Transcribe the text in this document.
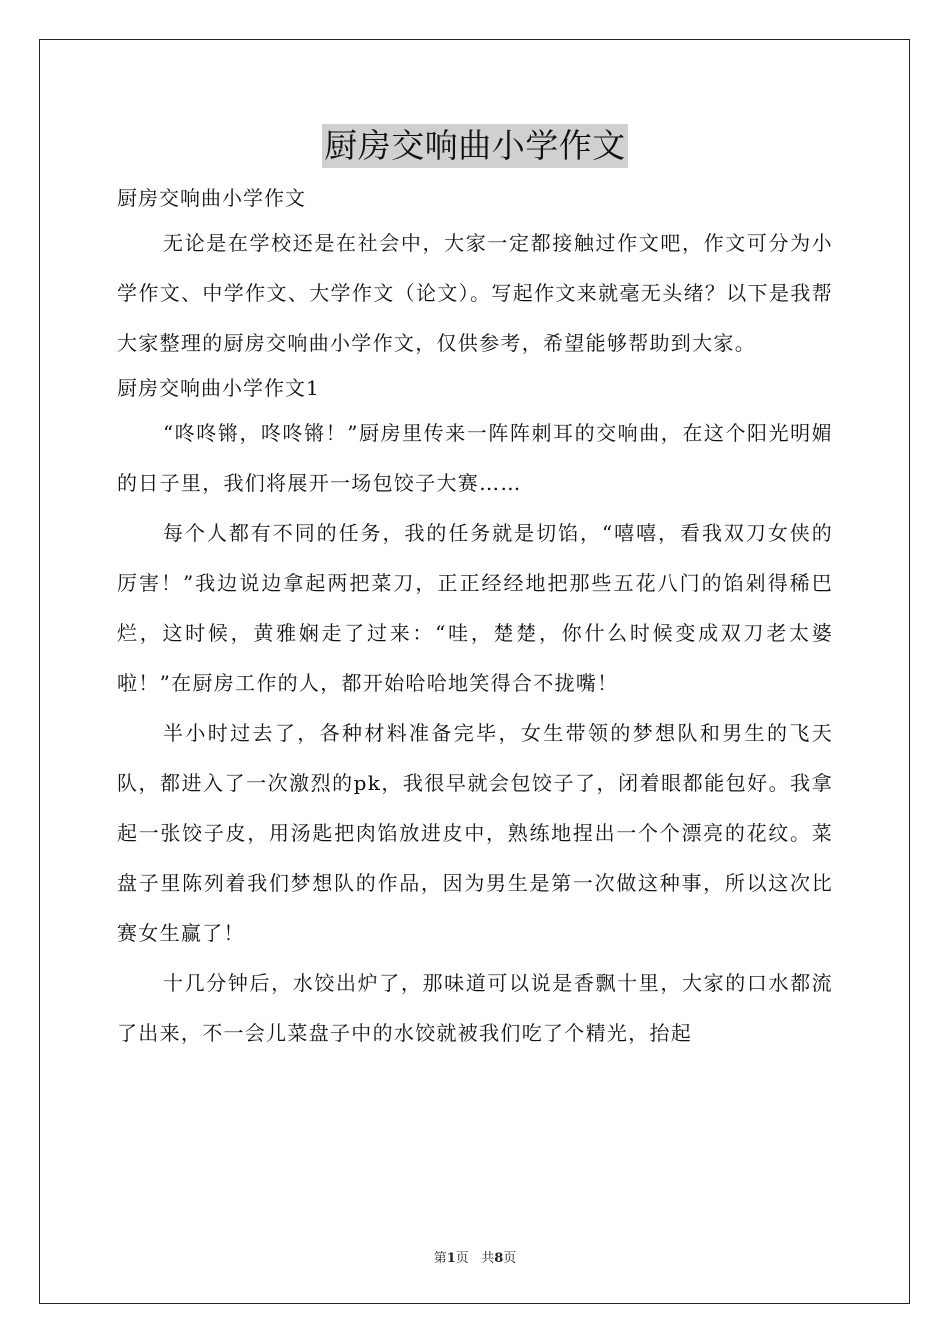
厨房交响曲小学作文

厨房交响曲小学作文

无论是在学校还是在社会中，大家一定都接触过作文吧，作文可分为小学作文、中学作文、大学作文（论文）。写起作文来就毫无头绪？以下是我帮大家整理的厨房交响曲小学作文，仅供参考，希望能够帮助到大家。

厨房交响曲小学作文1

“咚咚锵，咚咚锵！”厨房里传来一阵阵刺耳的交响曲，在这个阳光明媚的日子里，我们将展开一场包饺子大赛……

每个人都有不同的任务，我的任务就是切馅，“嘻嘻，看我双刀女侠的厉害！”我边说边拿起两把菜刀，正正经经地把那些五花八门的馅剁得稀巴烂，这时候，黄雅娴走了过来：“哇，楚楚，你什么时候变成双刀老太婆啦！”在厨房工作的人，都开始哈哈地笑得合不拢嘴！

半小时过去了，各种材料准备完毕，女生带领的梦想队和男生的飞天队，都进入了一次激烈的pk，我很早就会包饺子了，闭着眼都能包好。我拿起一张饺子皮，用汤匙把肉馅放进皮中，熟练地捏出一个个漂亮的花纹。菜盘子里陈列着我们梦想队的作品，因为男生是第一次做这种事，所以这次比赛女生赢了！

十几分钟后，水饺出炉了，那味道可以说是香飘十里，大家的口水都流了出来，不一会儿菜盘子中的水饺就被我们吃了个精光，抬起

第1页 共8页
